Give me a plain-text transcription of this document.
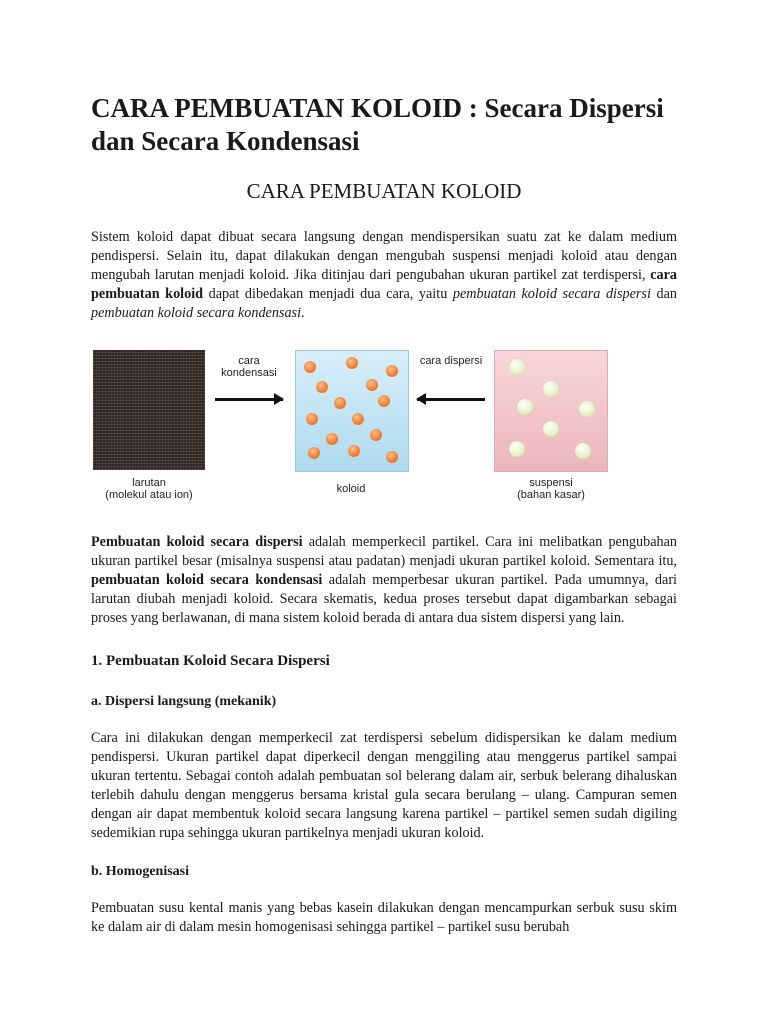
CARA PEMBUATAN KOLOID : Secara Dispersi dan Secara Kondensasi
CARA PEMBUATAN KOLOID

Sistem koloid dapat dibuat secara langsung dengan mendispersikan suatu zat ke dalam medium pendispersi. Selain itu, dapat dilakukan dengan mengubah suspensi menjadi koloid atau dengan mengubah larutan menjadi koloid. Jika ditinjau dari pengubahan ukuran partikel zat terdispersi, cara pembuatan koloid dapat dibedakan menjadi dua cara, yaitu pembuatan koloid secara dispersi dan pembuatan koloid secara kondensasi.

cara kondensasi
cara dispersi
larutan
(molekul atau ion)	koloid	suspensi
(bahan kasar)

Pembuatan koloid secara dispersi adalah memperkecil partikel. Cara ini melibatkan pengubahan ukuran partikel besar (misalnya suspensi atau padatan) menjadi ukuran partikel koloid. Sementara itu, pembuatan koloid secara kondensasi adalah memperbesar ukuran partikel. Pada umumnya, dari larutan diubah menjadi koloid. Secara skematis, kedua proses tersebut dapat digambarkan sebagai proses yang berlawanan, di mana sistem koloid berada di antara dua sistem dispersi yang lain.

1. Pembuatan Koloid Secara Dispersi
a. Dispersi langsung (mekanik)

Cara ini dilakukan dengan memperkecil zat terdispersi sebelum didispersikan ke dalam medium pendispersi. Ukuran partikel dapat diperkecil dengan menggiling atau menggerus partikel sampai ukuran tertentu. Sebagai contoh adalah pembuatan sol belerang dalam air, serbuk belerang dihaluskan terlebih dahulu dengan menggerus bersama kristal gula secara berulang – ulang. Campuran semen dengan air dapat membentuk koloid secara langsung karena partikel – partikel semen sudah digiling sedemikian rupa sehingga ukuran partikelnya menjadi ukuran koloid.

b. Homogenisasi

Pembuatan susu kental manis yang bebas kasein dilakukan dengan mencampurkan serbuk susu skim ke dalam air di dalam mesin homogenisasi sehingga partikel – partikel susu berubah
